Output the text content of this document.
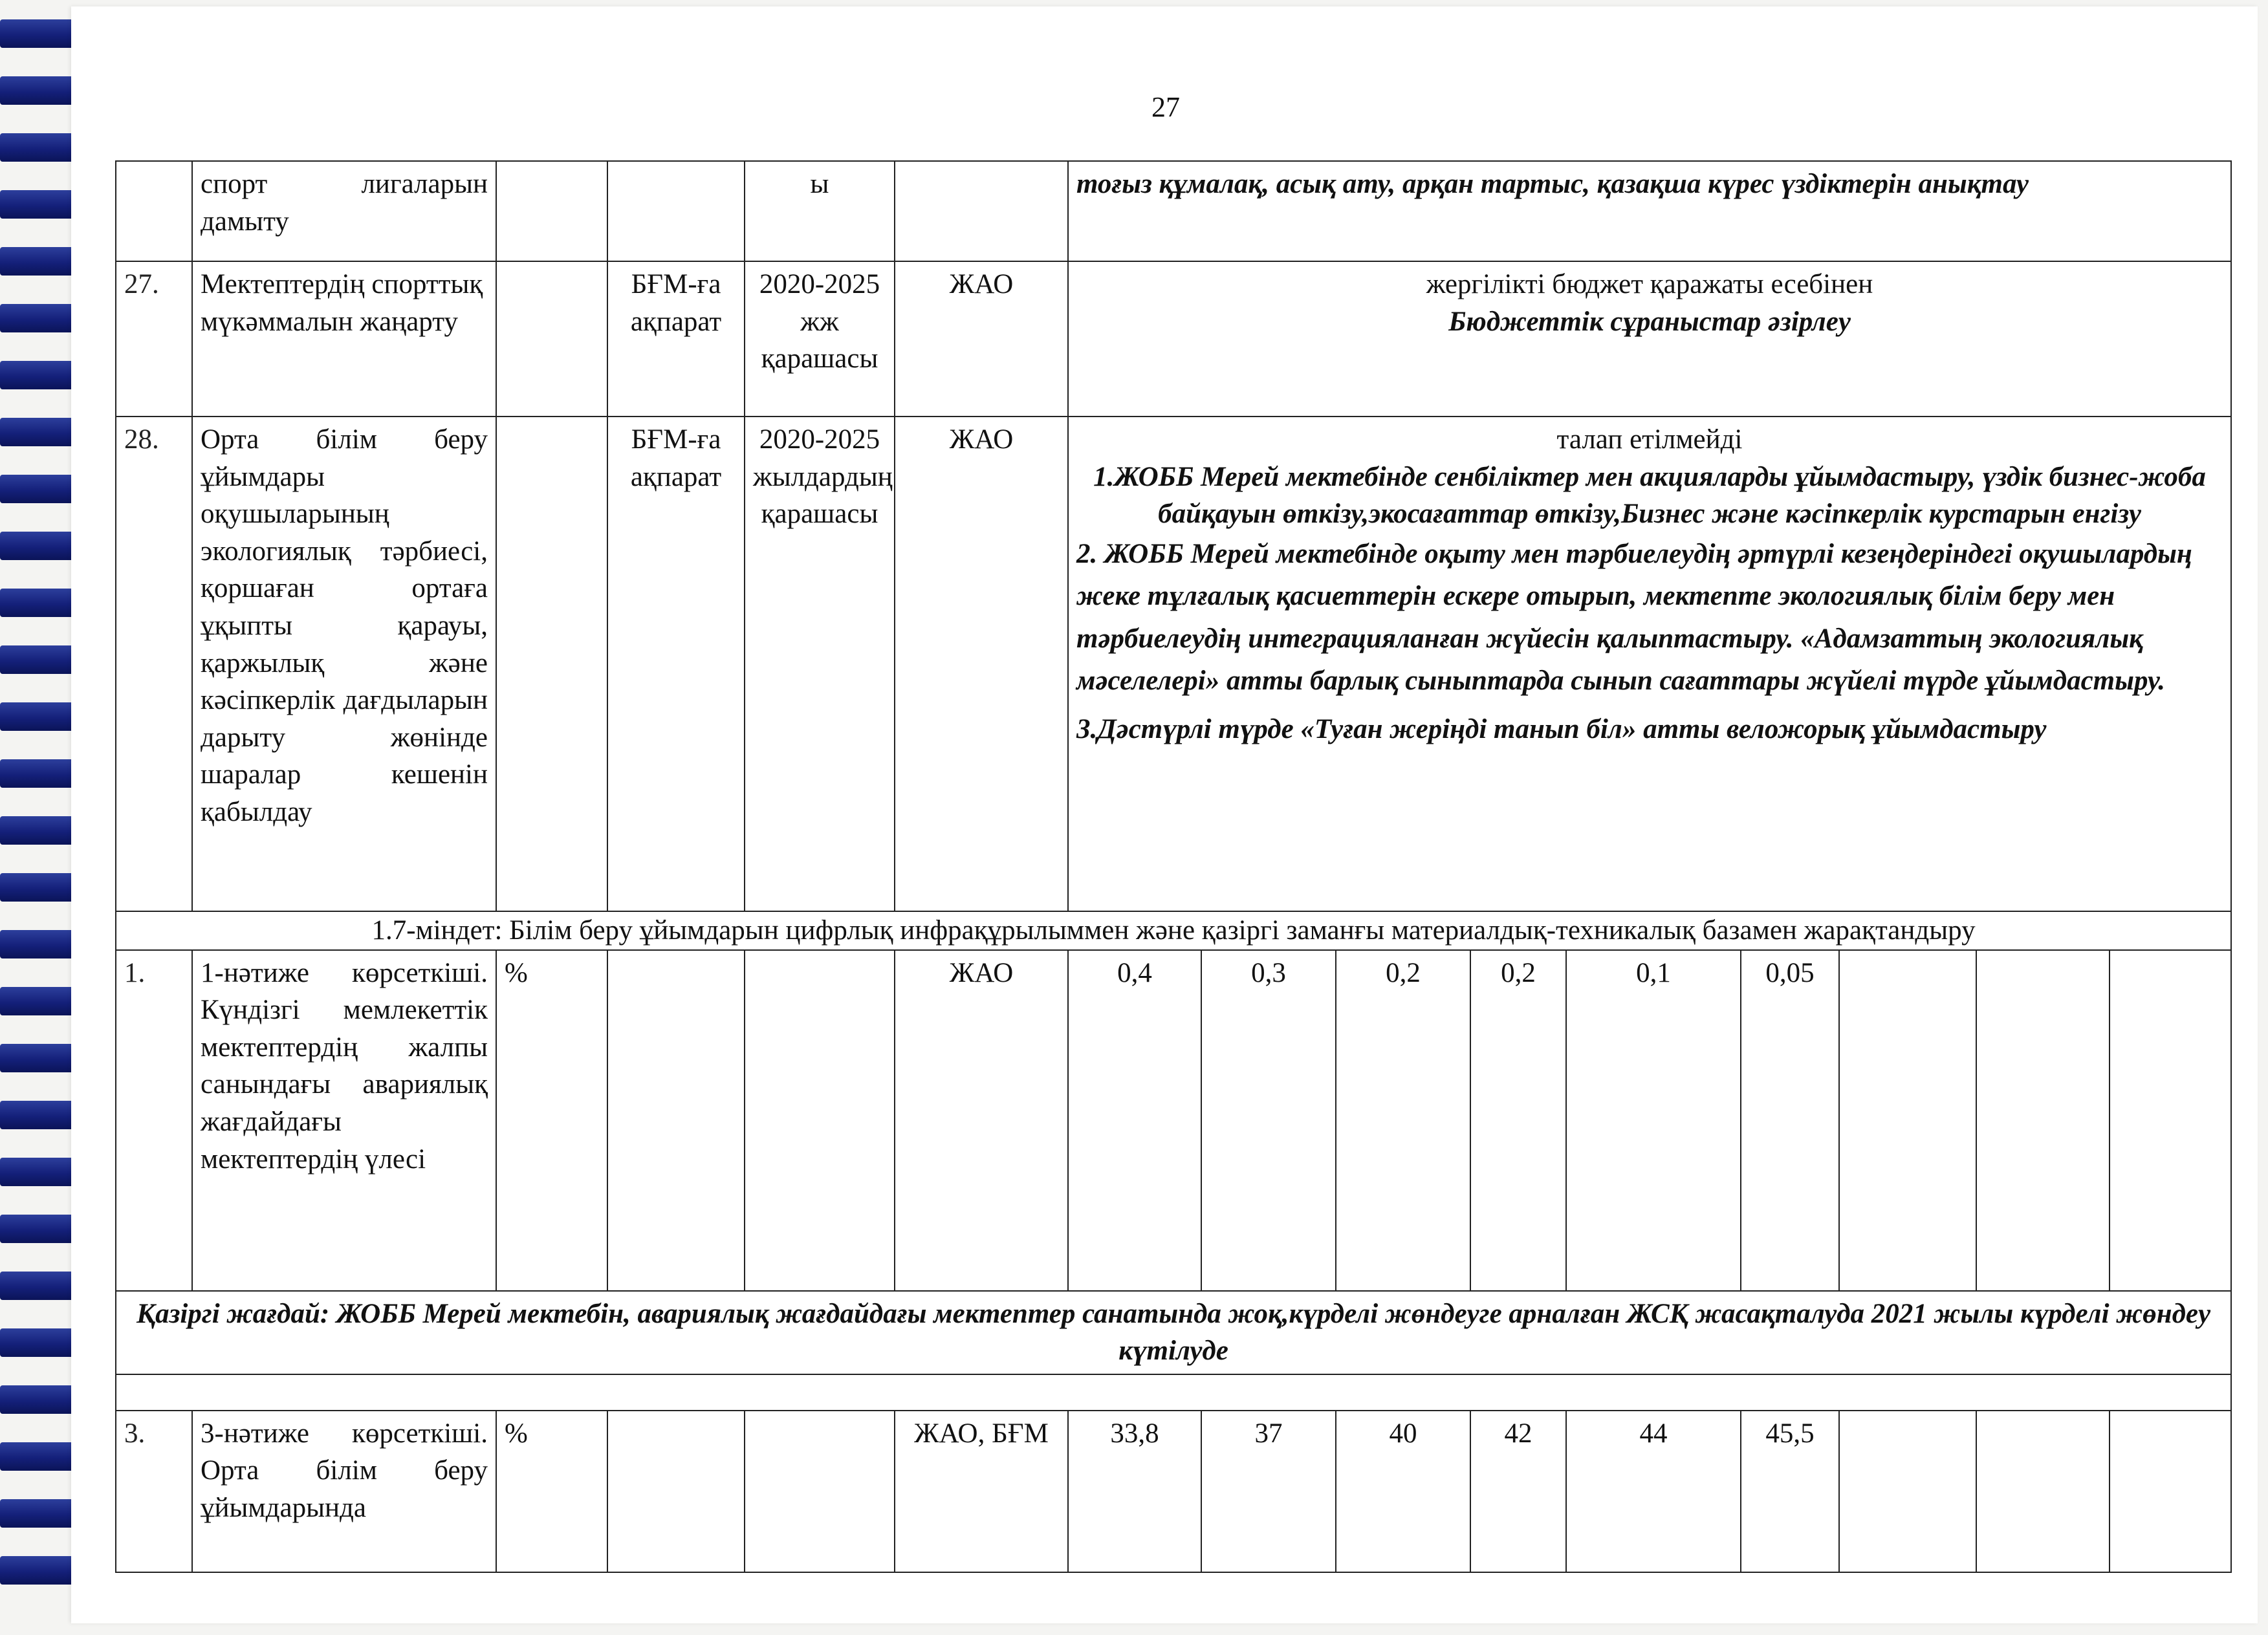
27
	спорт лигаларын дамыту			ы		тоғыз құмалақ, асық ату, арқан тартыс, қазақша күрес үздіктерін анықтау								
27.	Мектептердің спорттық мүкәммалын жаңарту		БҒМ-ға ақпарат	2020-2025 жж қарашасы	ЖАО	жергілікті бюджет қаражаты есебінен
Бюджеттік сұраныстар әзірлеу								

28.	Орта білім беру ұйымдары оқушыларының экологиялық тәрбиесі, қоршаған ортаға ұқыпты қарауы, қаржылық және кәсіпкерлік дағдыларын дарыту жөнінде шаралар кешенін қабылдау		БҒМ-ға ақпарат	2020-2025 жылдардың қарашасы	ЖАО	талап етілмейді
1.ЖОББ Мерей мектебінде сенбіліктер мен акцияларды ұйымдастыру, үздік бизнес-жоба байқауын өткізу,экосағаттар өткізу,Бизнес және кәсіпкерлік курстарын енгізу
2. ЖОББ Мерей мектебінде оқыту мен тәрбиелеудің әртүрлі кезеңдеріндегі оқушылардың жеке тұлғалық қасиеттерін ескере отырып, мектепте экологиялық білім беру мен тәрбиелеудің интеграцияланған жүйесін қалыптастыру. «Адамзаттың экологиялық мәселелері» атты барлық сыныптарда сынып сағаттары жүйелі түрде ұйымдастыру.
3.Дәстүрлі түрде «Туған жеріңді танып біл» атты веложорық ұйымдастыру								

1.7-міндет: Білім беру ұйымдарын цифрлық инфрақұрылыммен және қазіргі заманғы материалдық-техникалық базамен жарақтандыру														
1.	1-нәтиже көрсеткіші. Күндізгі мемлекеттік мектептердің жалпы санындағы авариялық жағдайдағы мектептердің үлесі	%			ЖАО	0,4	0,3	0,2	0,2	0,1	0,05			
Қазіргі жағдай: ЖОББ Мерей мектебін, авариялық жағдайдағы мектептер санатында жоқ,күрделі жөндеуге арналған ЖСҚ жасақталуда 2021 жылы күрделі жөндеу күтілуде														

3.	3-нәтиже көрсеткіші. Орта білім беру ұйымдарында	%			ЖАО, БҒМ	33,8	37	40	42	44	45,5			
